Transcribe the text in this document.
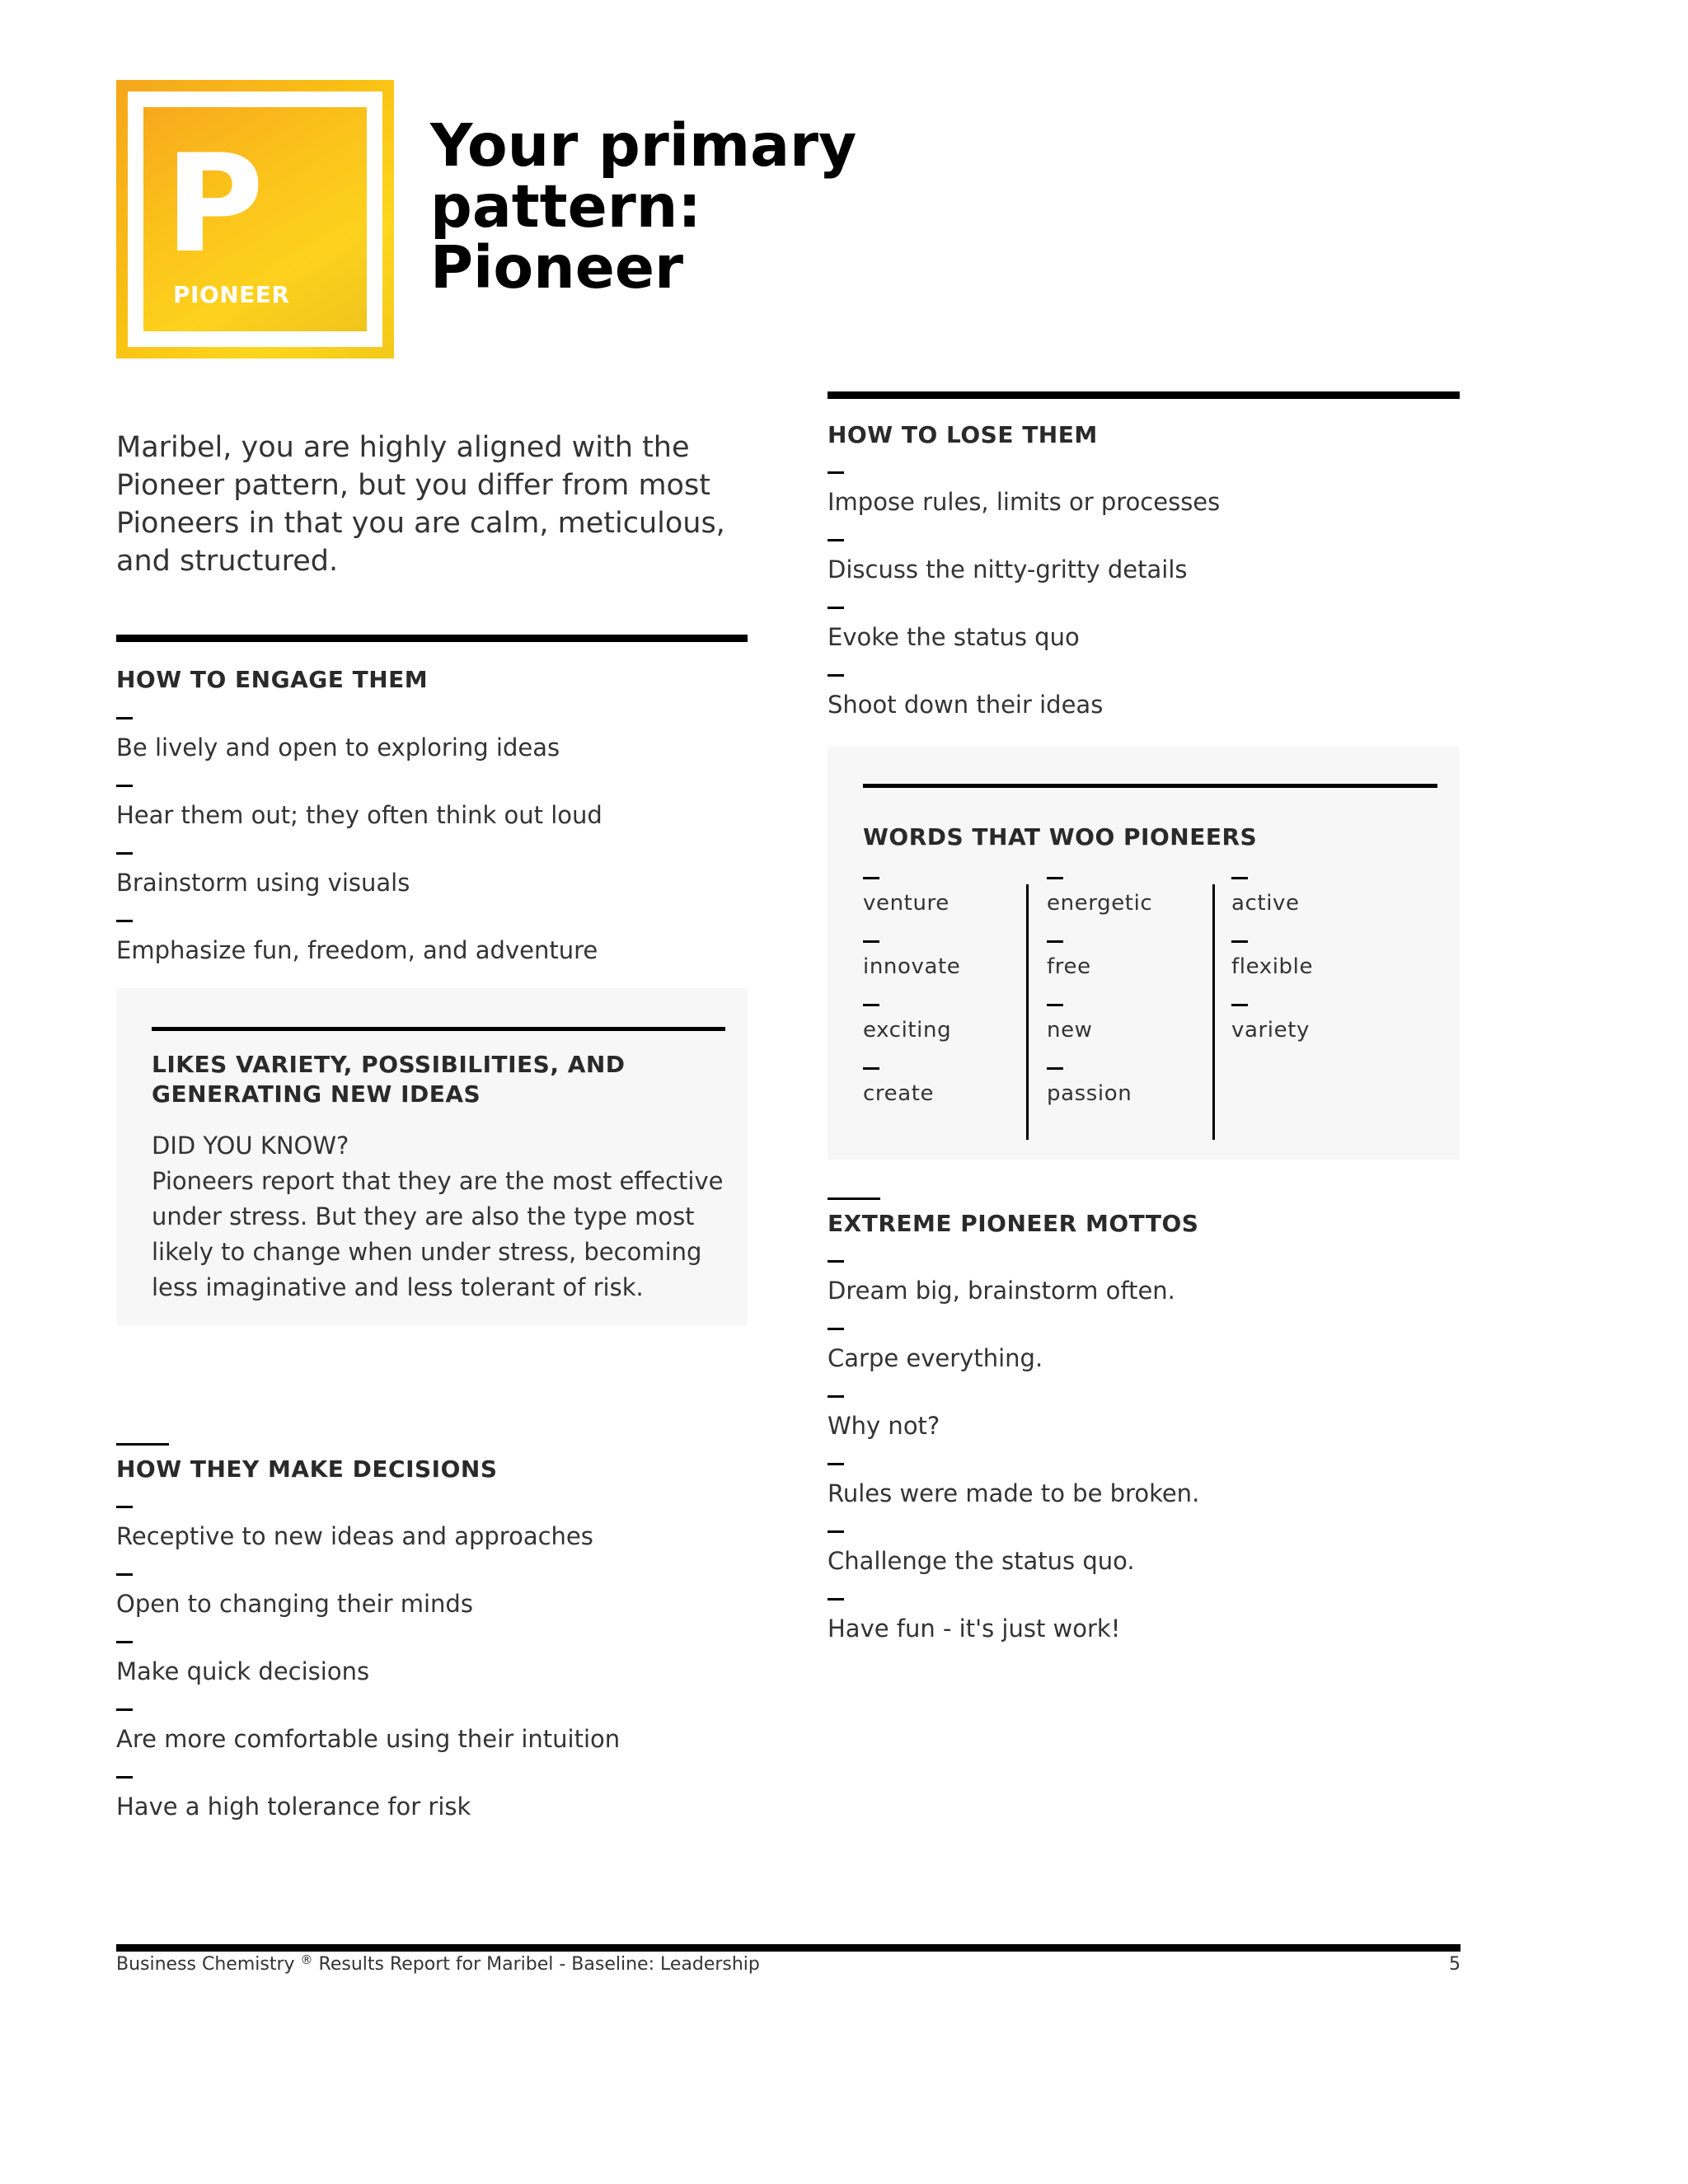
P
PIONEER
Your primary pattern:
Pioneer
Maribel, you are highly aligned with the Pioneer pattern, but you differ from most Pioneers in that you are calm, meticulous, and structured.
HOW TO ENGAGE THEM
Be lively and open to exploring ideas
Hear them out; they often think out loud
Brainstorm using visuals
Emphasize fun, freedom, and adventure
LIKES VARIETY, POSSIBILITIES, AND
GENERATING NEW IDEAS
DID YOU KNOW?
Pioneers report that they are the most effective under stress. But they are also the type most likely to change when under stress, becoming less imaginative and less tolerant of risk.
HOW THEY MAKE DECISIONS
Receptive to new ideas and approaches
Open to changing their minds
Make quick decisions
Are more comfortable using their intuition
Have a high tolerance for risk
HOW TO LOSE THEM
Impose rules, limits or processes
Discuss the nitty-gritty details
Evoke the status quo
Shoot down their ideas
WORDS THAT WOO PIONEERS
venture
innovate
exciting
create
energetic
free
new
passion
active
flexible
variety
EXTREME PIONEER MOTTOS
Dream big, brainstorm often.
Carpe everything.
Why not?
Rules were made to be broken.
Challenge the status quo.
Have fun - it's just work!
Business Chemistry ® Results Report for Maribel - Baseline: Leadership	5
